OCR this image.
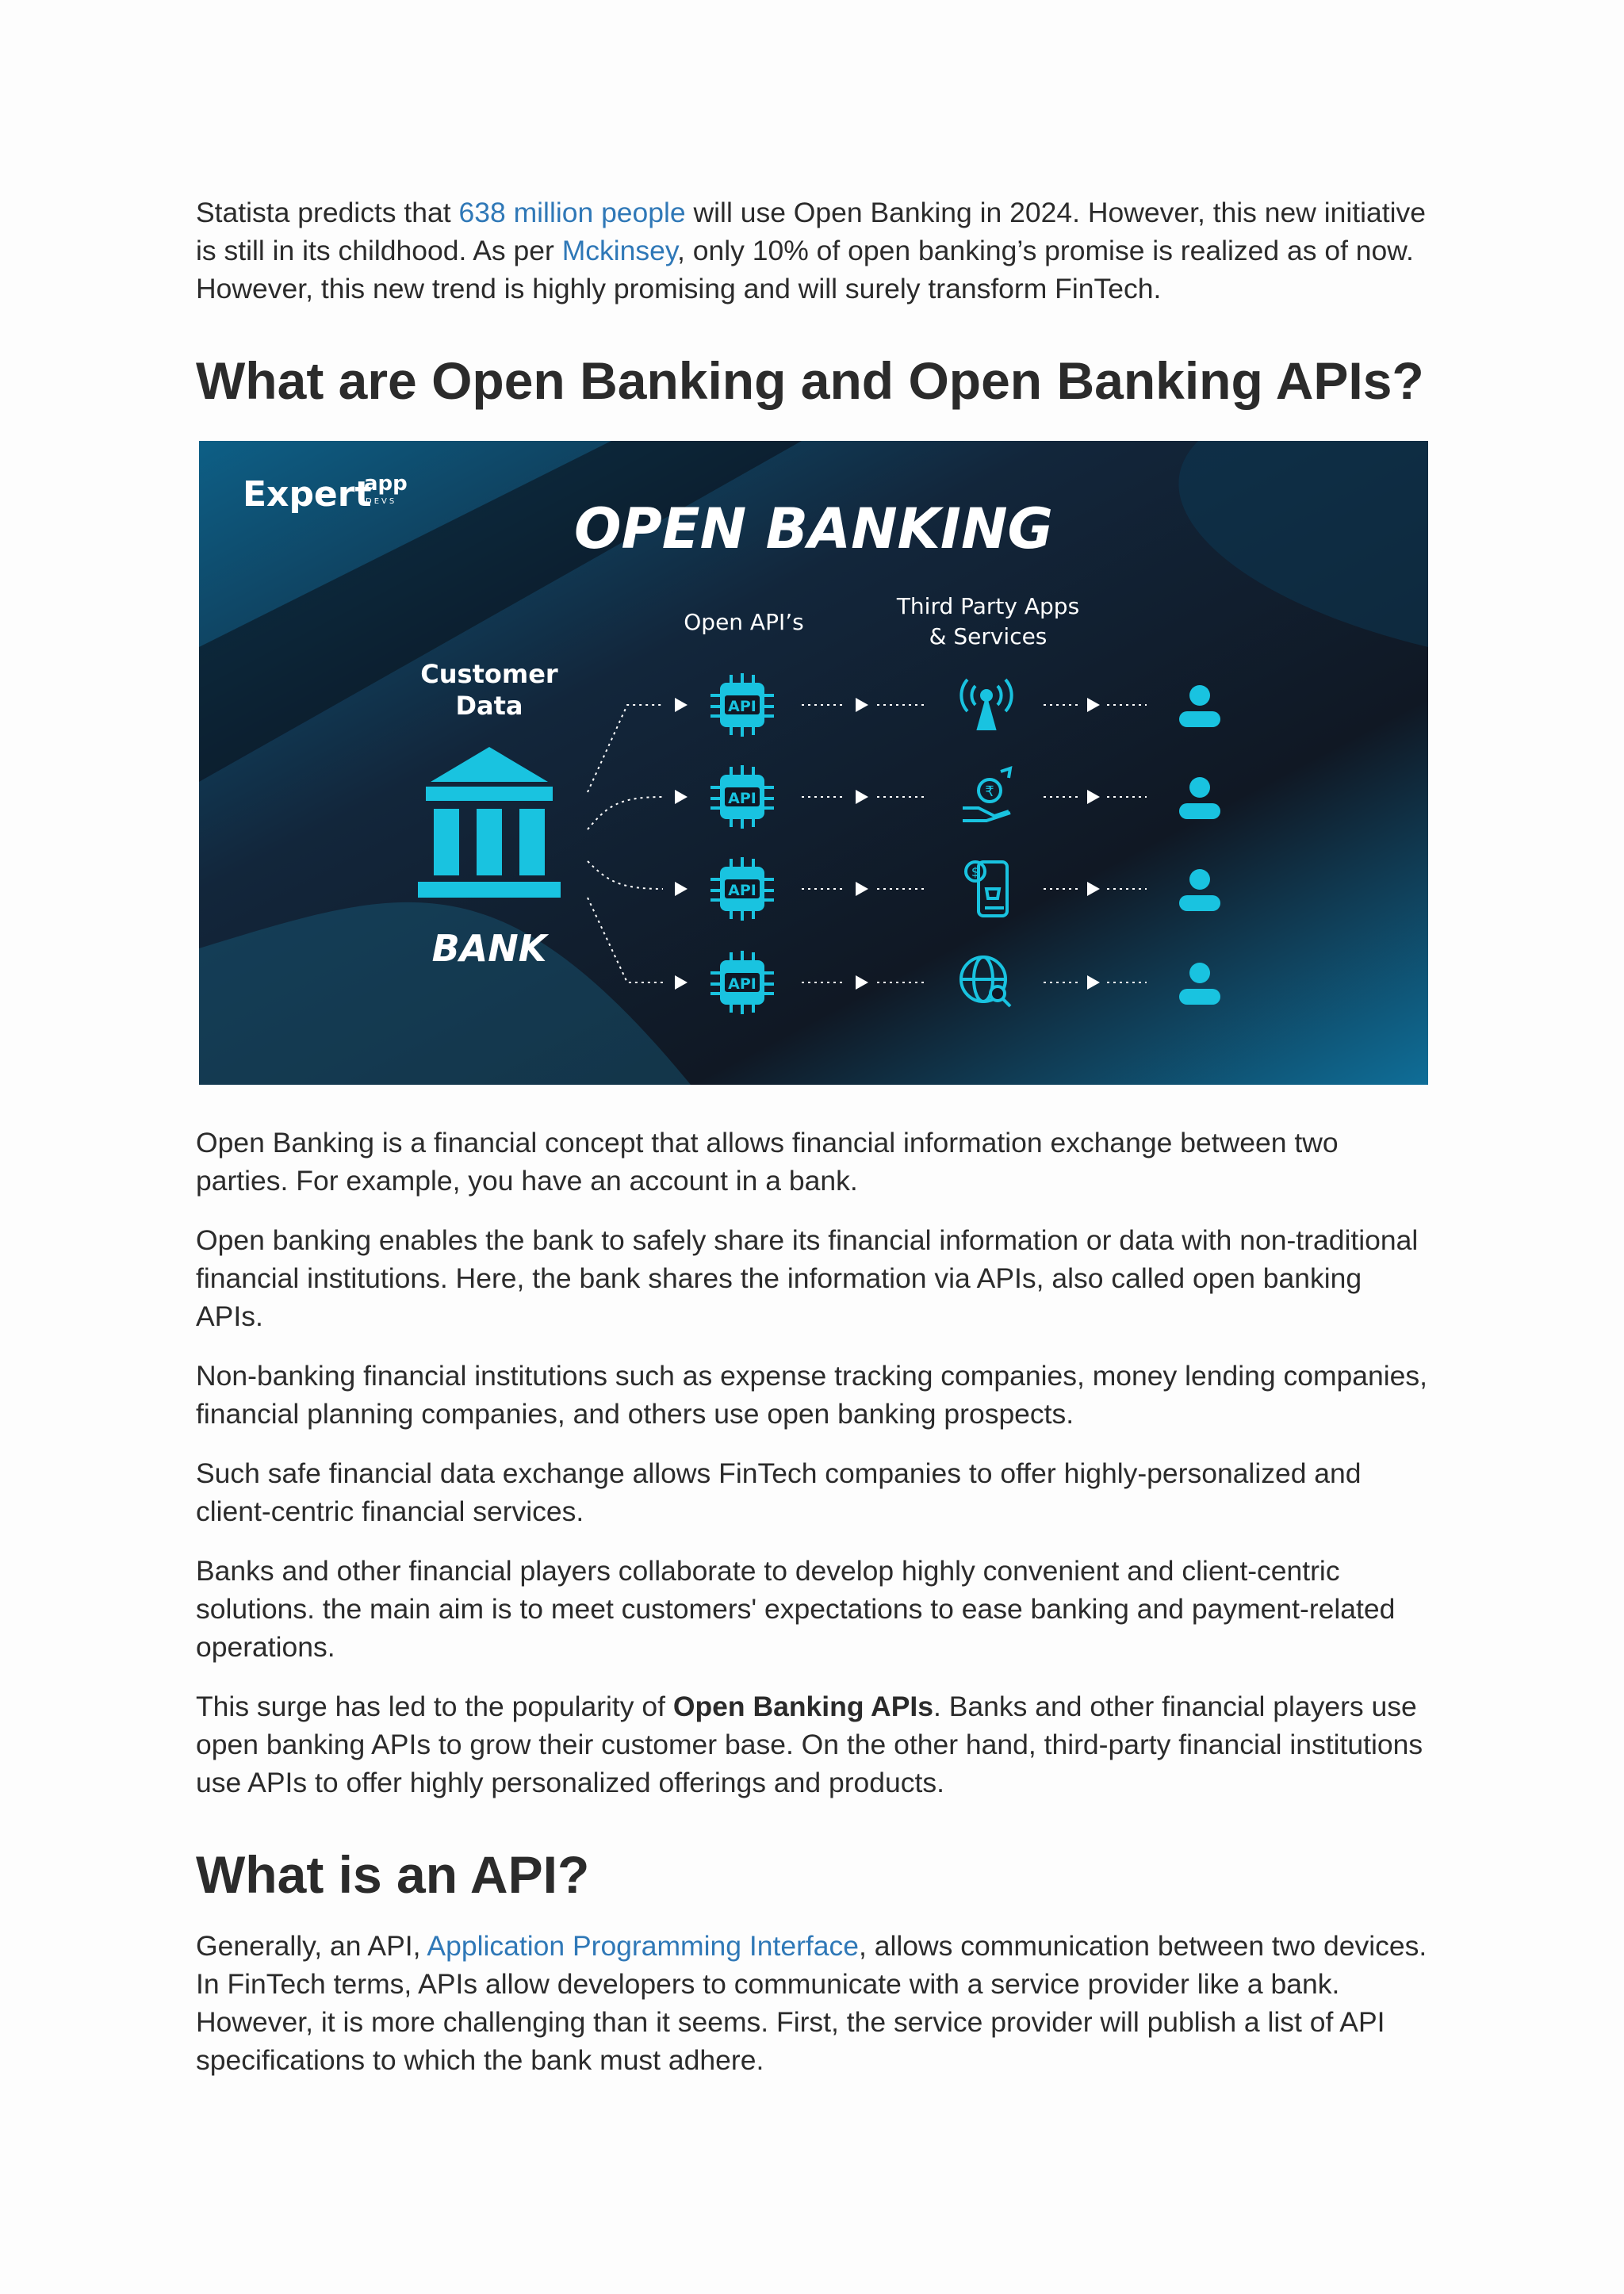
Statista predicts that 638 million people will use Open Banking in 2024. However, this new initiative is still in its childhood. As per Mckinsey, only 10% of open banking’s promise is realized as of now. However, this new trend is highly promising and will surely transform FinTech.

What are Open Banking and Open Banking APIs?
Expert
app
DEVS	OPEN BANKING
Open API’s
Third Party Apps
& Services
Customer
Data
BANK
API
API	₹
API
$
API

Open Banking is a financial concept that allows financial information exchange between two parties. For example, you have an account in a bank.

Open banking enables the bank to safely share its financial information or data with non-traditional financial institutions. Here, the bank shares the information via APIs, also called open banking APIs.

Non-banking financial institutions such as expense tracking companies, money lending companies, financial planning companies, and others use open banking prospects.

Such safe financial data exchange allows FinTech companies to offer highly-personalized and client-centric financial services.

Banks and other financial players collaborate to develop highly convenient and client-centric solutions. the main aim is to meet customers' expectations to ease banking and payment-related operations.

This surge has led to the popularity of Open Banking APIs. Banks and other financial players use open banking APIs to grow their customer base. On the other hand, third-party financial institutions use APIs to offer highly personalized offerings and products.

What is an API?

Generally, an API, Application Programming Interface, allows communication between two devices. In FinTech terms, APIs allow developers to communicate with a service provider like a bank. However, it is more challenging than it seems. First, the service provider will publish a list of API specifications to which the bank must adhere.
